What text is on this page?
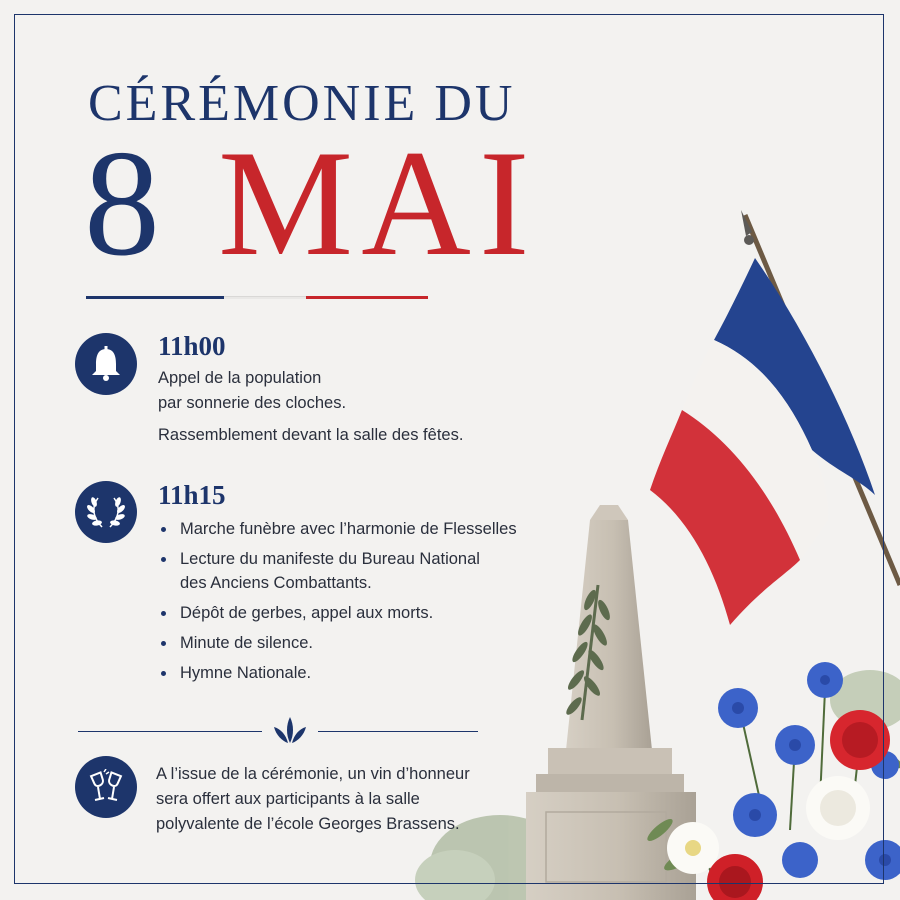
CÉRÉMONIE DU
8 MAI
11h00
Appel de la population
par sonnerie des cloches.
Rassemblement devant la salle des fêtes.
11h15
Marche funèbre avec l’harmonie de Flesselles
Lecture du manifeste du Bureau National
des Anciens Combattants.
Dépôt de gerbes, appel aux morts.
Minute de silence.
Hymne Nationale.
A l’issue de la cérémonie, un vin d’honneur
sera offert aux participants à la salle
polyvalente de l’école Georges Brassens.
